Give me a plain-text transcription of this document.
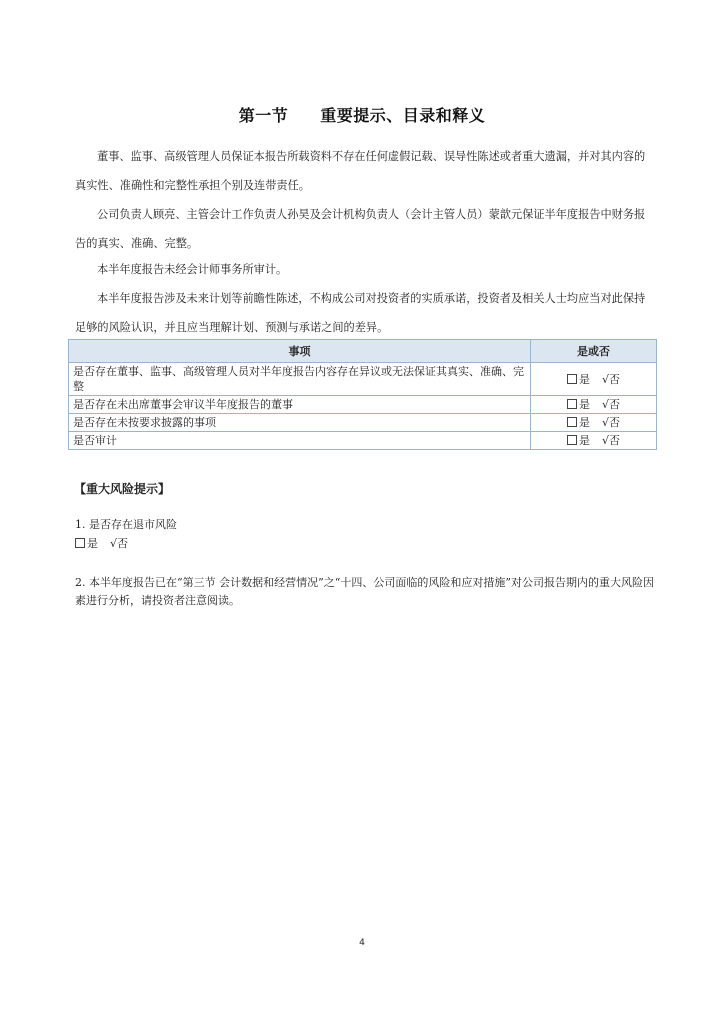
第一节 重要提示、目录和释义

董事、监事、高级管理人员保证本报告所载资料不存在任何虚假记载、误导性陈述或者重大遗漏，并对其内容的真实性、准确性和完整性承担个别及连带责任。

公司负责人顾亮、主管会计工作负责人孙昊及会计机构负责人（会计主管人员）蒙歆元保证半年度报告中财务报告的真实、准确、完整。

本半年度报告未经会计师事务所审计。

本半年度报告涉及未来计划等前瞻性陈述，不构成公司对投资者的实质承诺，投资者及相关人士均应当对此保持足够的风险认识，并且应当理解计划、预测与承诺之间的差异。

事项	是或否
是否存在董事、监事、高级管理人员对半年度报告内容存在异议或无法保证其真实、准确、完整	是 √否
是否存在未出席董事会审议半年度报告的董事	是 √否
是否存在未按要求披露的事项	是 √否
是否审计	是 √否
【重大风险提示】

1. 是否存在退市风险

是 √否

2. 本半年度报告已在“第三节 会计数据和经营情况”之“十四、公司面临的风险和应对措施”对公司报告期内的重大风险因素进行分析，请投资者注意阅读。

4
